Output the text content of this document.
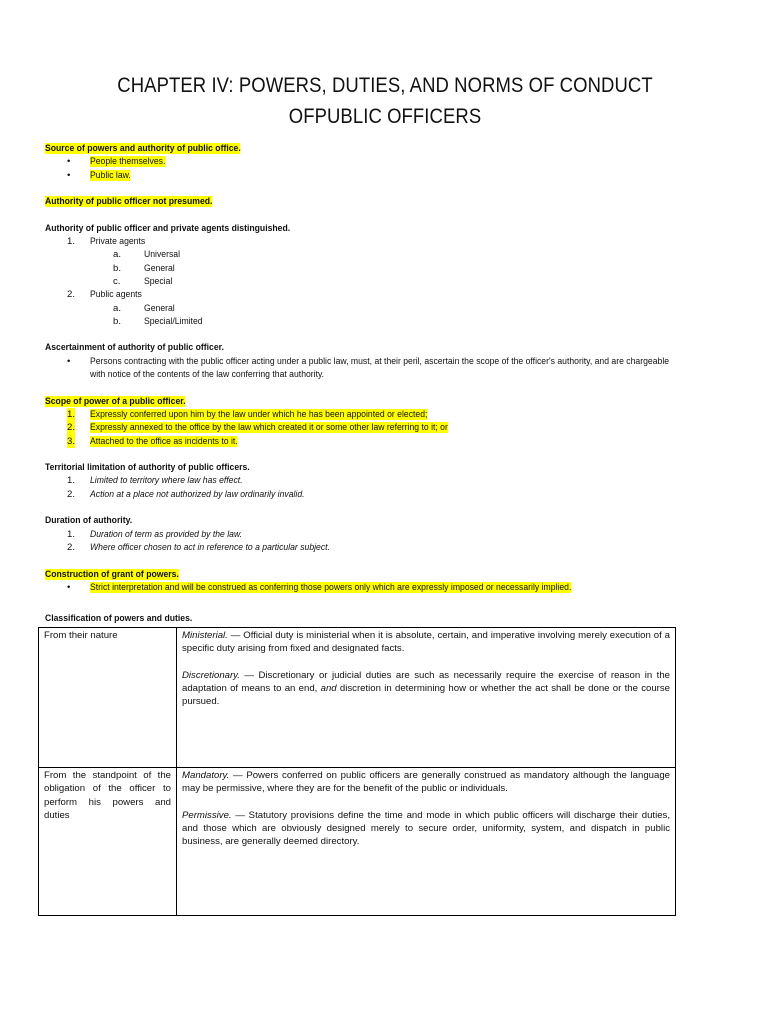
CHAPTER IV: POWERS, DUTIES, AND NORMS OF CONDUCT
OFPUBLIC OFFICERS
Source of powers and authority of public office.
• People themselves.
• Public law.
Authority of public officer not presumed.
Authority of public officer and private agents distinguished.
1. Private agents
a. Universal
b. General
c. Special
2. Public agents
a. General
b. Special/Limited
Ascertainment of authority of public officer.
• Persons contracting with the public officer acting under a public law, must, at their peril, ascertain the scope of the officer's authority, and are chargeable
with notice of the contents of the law conferring that authority.
Scope of power of a public officer.
1. Expressly conferred upon him by the law under which he has been appointed or elected;
2. Expressly annexed to the office by the law which created it or some other law referring to it; or
3. Attached to the office as incidents to it.
Territorial limitation of authority of public officers.
1. Limited to territory where law has effect.
2. Action at a place not authorized by law ordinarily invalid.
Duration of authority.
1. Duration of term as provided by the law.
2. Where officer chosen to act in reference to a particular subject.
Construction of grant of powers.
• Strict interpretation and will be construed as conferring those powers only which are expressly imposed or necessarily implied.
Classification of powers and duties.
From their nature	Ministerial. — Official duty is ministerial when it is absolute, certain, and imperative involving merely execution of a specific duty arising from fixed and designated facts.
Discretionary. — Discretionary or judicial duties are such as necessarily require the exercise of reason in the adaptation of means to an end, and discretion in determining how or whether the act shall be done or the course pursued.

From the standpoint of the obligation of the officer to perform his powers and duties	Mandatory. — Powers conferred on public officers are generally construed as mandatory although the language may be permissive, where they are for the benefit of the public or individuals.
Permissive. — Statutory provisions define the time and mode in which public officers will discharge their duties, and those which are obviously designed merely to secure order, uniformity, system, and dispatch in public business, are generally deemed directory.
